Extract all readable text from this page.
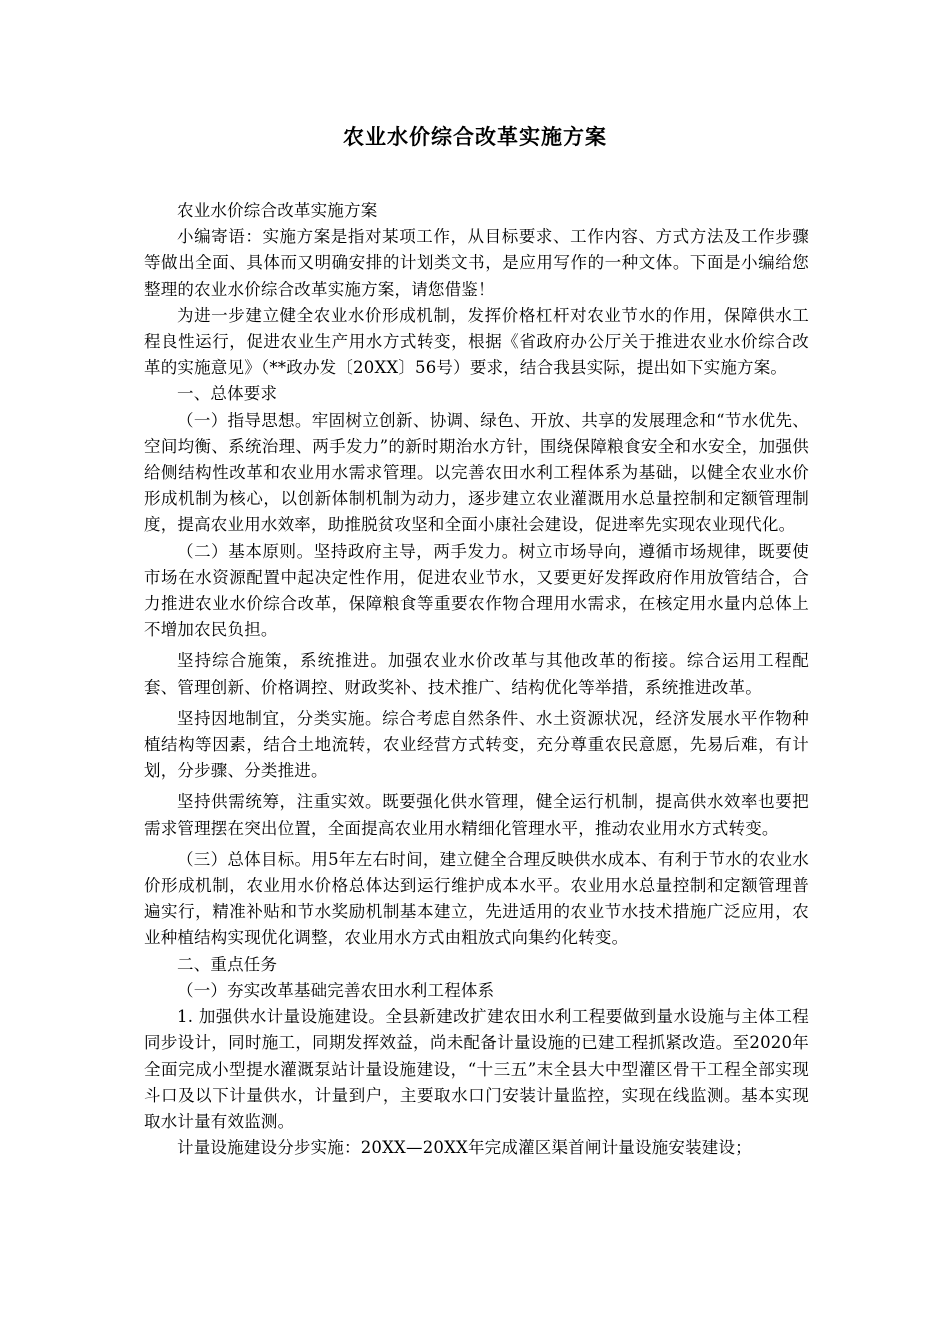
农业水价综合改革实施方案

农业水价综合改革实施方案

小编寄语：实施方案是指对某项工作，从目标要求、工作内容、方式方法及工作步骤等做出全面、具体而又明确安排的计划类文书，是应用写作的一种文体。下面是小编给您整理的农业水价综合改革实施方案，请您借鉴！

为进一步建立健全农业水价形成机制，发挥价格杠杆对农业节水的作用，保障供水工程良性运行，促进农业生产用水方式转变，根据《省政府办公厅关于推进农业水价综合改革的实施意见》（**政办发〔20XX〕56号）要求，结合我县实际，提出如下实施方案。

一、总体要求

（一）指导思想。牢固树立创新、协调、绿色、开放、共享的发展理念和“节水优先、空间均衡、系统治理、两手发力”的新时期治水方针，围绕保障粮食安全和水安全，加强供给侧结构性改革和农业用水需求管理。以完善农田水利工程体系为基础，以健全农业水价形成机制为核心，以创新体制机制为动力，逐步建立农业灌溉用水总量控制和定额管理制度，提高农业用水效率，助推脱贫攻坚和全面小康社会建设，促进率先实现农业现代化。

（二）基本原则。坚持政府主导，两手发力。树立市场导向，遵循市场规律，既要使市场在水资源配置中起决定性作用，促进农业节水，又要更好发挥政府作用放管结合，合力推进农业水价综合改革，保障粮食等重要农作物合理用水需求，在核定用水量内总体上不增加农民负担。

坚持综合施策，系统推进。加强农业水价改革与其他改革的衔接。综合运用工程配套、管理创新、价格调控、财政奖补、技术推广、结构优化等举措，系统推进改革。

坚持因地制宜，分类实施。综合考虑自然条件、水土资源状况，经济发展水平作物种植结构等因素，结合土地流转，农业经营方式转变，充分尊重农民意愿，先易后难，有计划，分步骤、分类推进。

坚持供需统筹，注重实效。既要强化供水管理，健全运行机制，提高供水效率也要把需求管理摆在突出位置，全面提高农业用水精细化管理水平，推动农业用水方式转变。

（三）总体目标。用5年左右时间，建立健全合理反映供水成本、有利于节水的农业水价形成机制，农业用水价格总体达到运行维护成本水平。农业用水总量控制和定额管理普遍实行，精准补贴和节水奖励机制基本建立，先进适用的农业节水技术措施广泛应用，农业种植结构实现优化调整，农业用水方式由粗放式向集约化转变。

二、重点任务

（一）夯实改革基础完善农田水利工程体系

1. 加强供水计量设施建设。全县新建改扩建农田水利工程要做到量水设施与主体工程同步设计，同时施工，同期发挥效益，尚未配备计量设施的已建工程抓紧改造。至2020年全面完成小型提水灌溉泵站计量设施建设，“十三五”末全县大中型灌区骨干工程全部实现斗口及以下计量供水，计量到户，主要取水口门安装计量监控，实现在线监测。基本实现取水计量有效监测。

计量设施建设分步实施：20XX—20XX年完成灌区渠首闸计量设施安装建设；
